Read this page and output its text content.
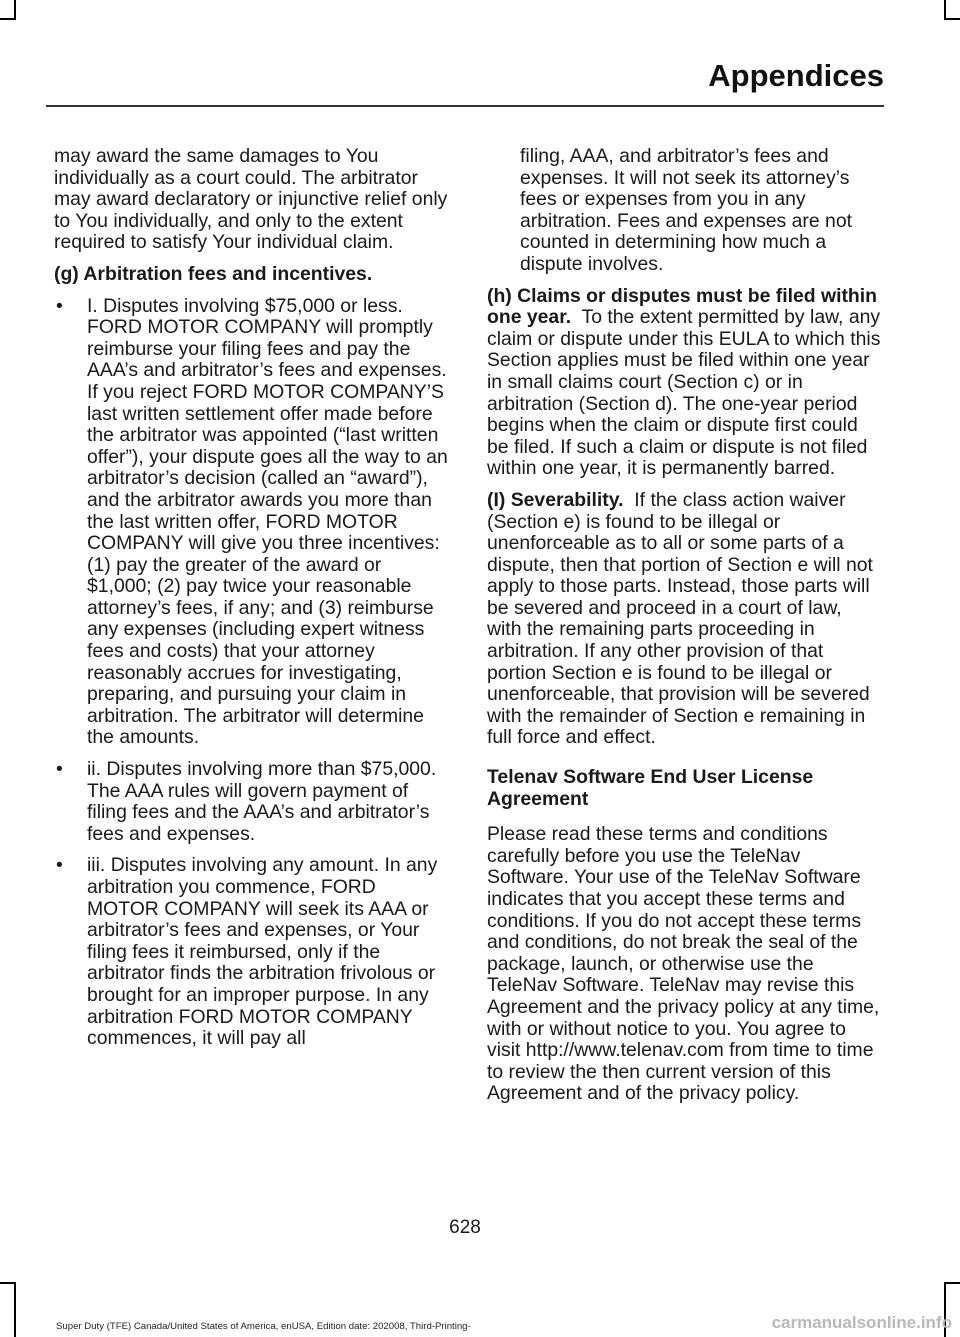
Appendices

may award the same damages to You individually as a court could. The arbitrator may award declaratory or injunctive relief only to You individually, and only to the extent required to satisfy Your individual claim.

(g) Arbitration fees and incentives.
• I. Disputes involving $75,000 or less. FORD MOTOR COMPANY will promptly reimburse your filing fees and pay the AAA’s and arbitrator’s fees and expenses. If you reject FORD MOTOR COMPANY’S last written settlement offer made before the arbitrator was appointed (“last written offer”), your dispute goes all the way to an arbitrator’s decision (called an “award”), and the arbitrator awards you more than the last written offer, FORD MOTOR COMPANY will give you three incentives: (1) pay the greater of the award or $1,000; (2) pay twice your reasonable attorney’s fees, if any; and (3) reimburse any expenses (including expert witness fees and costs) that your attorney reasonably accrues for investigating, preparing, and pursuing your claim in arbitration. The arbitrator will determine the amounts.
• ii. Disputes involving more than $75,000. The AAA rules will govern payment of filing fees and the AAA’s and arbitrator’s fees and expenses.
• iii. Disputes involving any amount. In any arbitration you commence, FORD MOTOR COMPANY will seek its AAA or arbitrator’s fees and expenses, or Your filing fees it reimbursed, only if the arbitrator finds the arbitration frivolous or brought for an improper purpose. In any arbitration FORD MOTOR COMPANY commences, it will pay all

filing, AAA, and arbitrator’s fees and expenses. It will not seek its attorney’s fees or expenses from you in any arbitration. Fees and expenses are not counted in determining how much a dispute involves.

(h) Claims or disputes must be filed within one year. To the extent permitted by law, any claim or dispute under this EULA to which this Section applies must be filed within one year in small claims court (Section c) or in arbitration (Section d). The one-year period begins when the claim or dispute first could be filed. If such a claim or dispute is not filed within one year, it is permanently barred.

(I) Severability. If the class action waiver (Section e) is found to be illegal or unenforceable as to all or some parts of a dispute, then that portion of Section e will not apply to those parts. Instead, those parts will be severed and proceed in a court of law, with the remaining parts proceeding in arbitration. If any other provision of that portion Section e is found to be illegal or unenforceable, that provision will be severed with the remainder of Section e remaining in full force and effect.

Telenav Software End User License Agreement

Please read these terms and conditions carefully before you use the TeleNav Software. Your use of the TeleNav Software indicates that you accept these terms and conditions. If you do not accept these terms and conditions, do not break the seal of the package, launch, or otherwise use the TeleNav Software. TeleNav may revise this Agreement and the privacy policy at any time, with or without notice to you. You agree to visit http://www.telenav.com from time to time to review the then current version of this Agreement and of the privacy policy.

628
Super Duty (TFE) Canada/United States of America, enUSA, Edition date: 202008, Third-Printing-	carmanualsonline.info
